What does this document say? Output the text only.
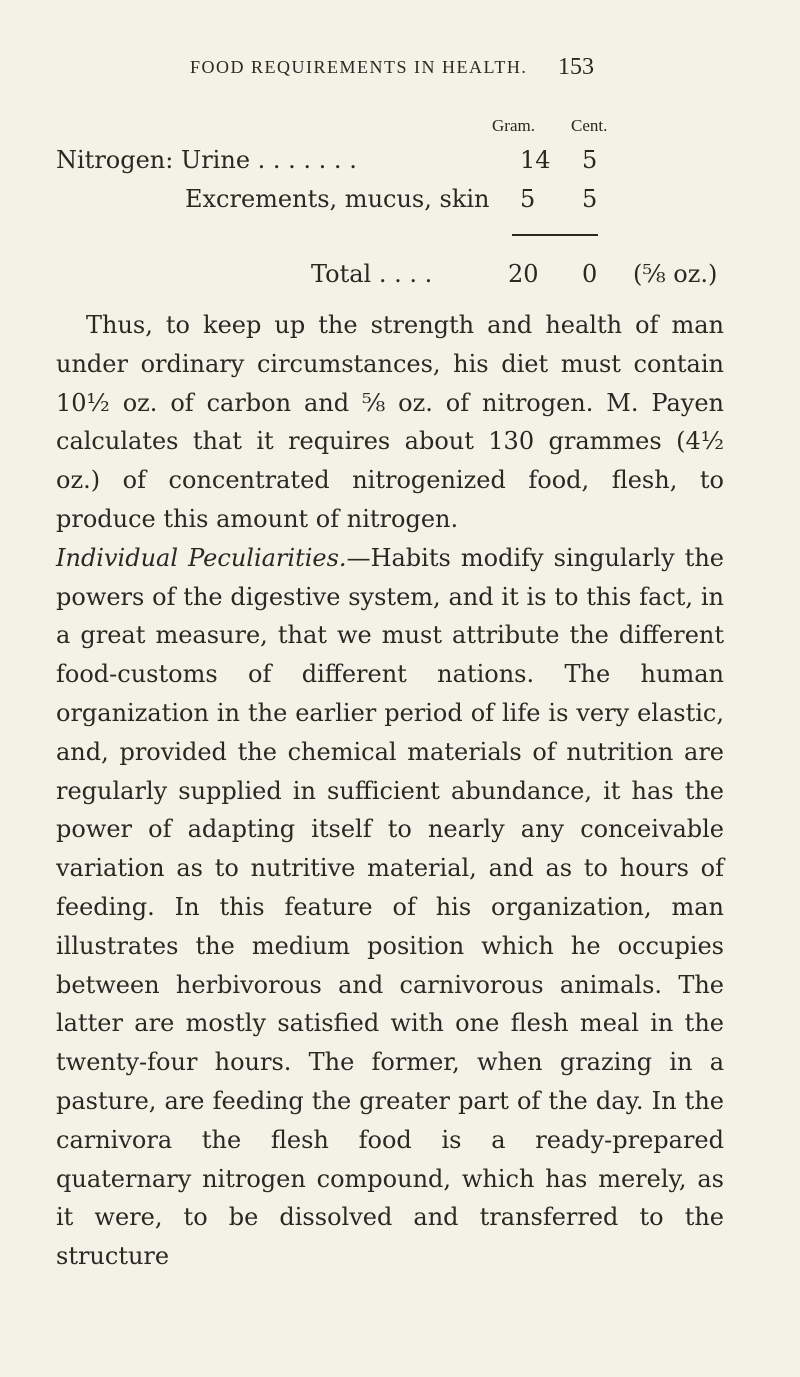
FOOD REQUIREMENTS IN HEALTH. 153
Gram. Cent.
Nitrogen: Urine . . . . . . .	14 5
Excrements, mucus, skin 5 5
Total . . . .	20 0 (⅝ oz.)

Thus, to keep up the strength and health of man under ordinary circumstances, his diet must contain 10½ oz. of carbon and ⅝ oz. of nitrogen. M. Payen calculates that it requires about 130 grammes (4½ oz.) of concentrated nitrogenized food, flesh, to produce this amount of nitrogen.

Individual Peculiarities.—Habits modify singularly the powers of the digestive system, and it is to this fact, in a great measure, that we must attribute the different food-customs of different nations. The human organization in the earlier period of life is very elastic, and, provided the chemical materials of nutrition are regularly supplied in sufficient abundance, it has the power of adapting itself to nearly any conceivable variation as to nutritive material, and as to hours of feeding. In this feature of his organization, man illustrates the medium position which he occupies between herbivorous and carnivorous animals. The latter are mostly satisfied with one flesh meal in the twenty-four hours. The former, when grazing in a pasture, are feeding the greater part of the day. In the carnivora the flesh food is a ready-prepared quaternary nitrogen compound, which has merely, as it were, to be dissolved and transferred to the structure
